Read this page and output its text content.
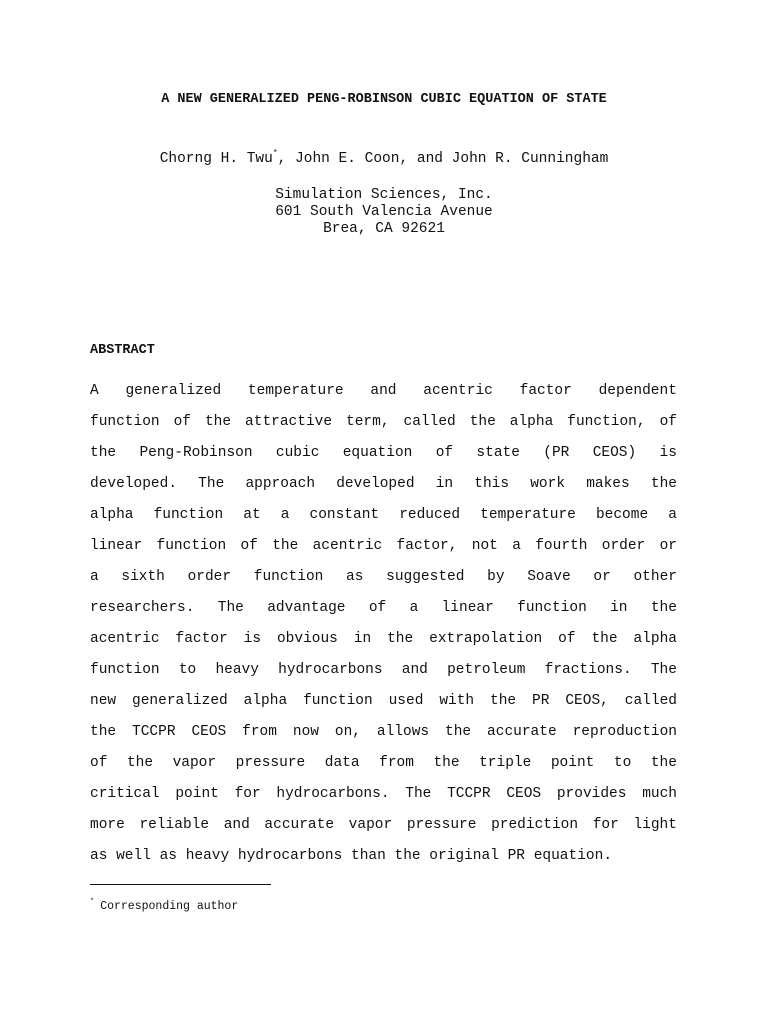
A NEW GENERALIZED PENG-ROBINSON CUBIC EQUATION OF STATE
Chorng H. Twu*, John E. Coon, and John R. Cunningham
Simulation Sciences, Inc.
601 South Valencia Avenue
Brea, CA 92621
ABSTRACT
A generalized temperature and acentric factor dependent
function of the attractive term, called the alpha function, of
the Peng-Robinson cubic equation of state (PR CEOS) is
developed. The approach developed in this work makes the
alpha function at a constant reduced temperature become a
linear function of the acentric factor, not a fourth order or
a sixth order function as suggested by Soave or other
researchers. The advantage of a linear function in the
acentric factor is obvious in the extrapolation of the alpha
function to heavy hydrocarbons and petroleum fractions. The
new generalized alpha function used with the PR CEOS, called
the TCCPR CEOS from now on, allows the accurate reproduction
of the vapor pressure data from the triple point to the
critical point for hydrocarbons. The TCCPR CEOS provides much
more reliable and accurate vapor pressure prediction for light
as well as heavy hydrocarbons than the original PR equation.
* Corresponding author
